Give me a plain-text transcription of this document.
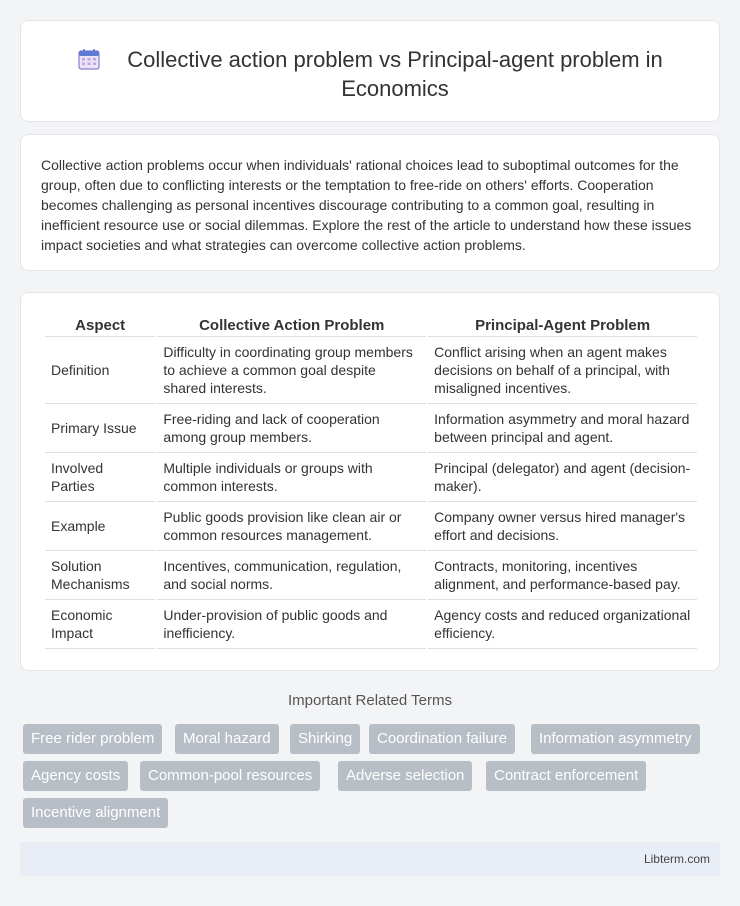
Collective action problem vs Principal-agent problem in Economics

Collective action problems occur when individuals' rational choices lead to suboptimal outcomes for the group, often due to conflicting interests or the temptation to free-ride on others' efforts. Cooperation becomes challenging as personal incentives discourage contributing to a common goal, resulting in inefficient resource use or social dilemmas. Explore the rest of the article to understand how these issues impact societies and what strategies can overcome collective action problems.

Aspect	Collective Action Problem	Principal-Agent Problem
Definition	Difficulty in coordinating group members to achieve a common goal despite shared interests.	Conflict arising when an agent makes decisions on behalf of a principal, with misaligned incentives.
Primary Issue	Free-riding and lack of cooperation among group members.	Information asymmetry and moral hazard between principal and agent.
Involved Parties	Multiple individuals or groups with common interests.	Principal (delegator) and agent (decision-maker).
Example	Public goods provision like clean air or common resources management.	Company owner versus hired manager's effort and decisions.
Solution Mechanisms	Incentives, communication, regulation, and social norms.	Contracts, monitoring, incentives alignment, and performance-based pay.
Economic Impact	Under-provision of public goods and inefficiency.	Agency costs and reduced organizational efficiency.
Important Related Terms
Free rider problem	Moral hazard	Shirking	Coordination failure	Information asymmetry
Agency costs	Common-pool resources	Adverse selection	Contract enforcement
Incentive alignment
Libterm.com
